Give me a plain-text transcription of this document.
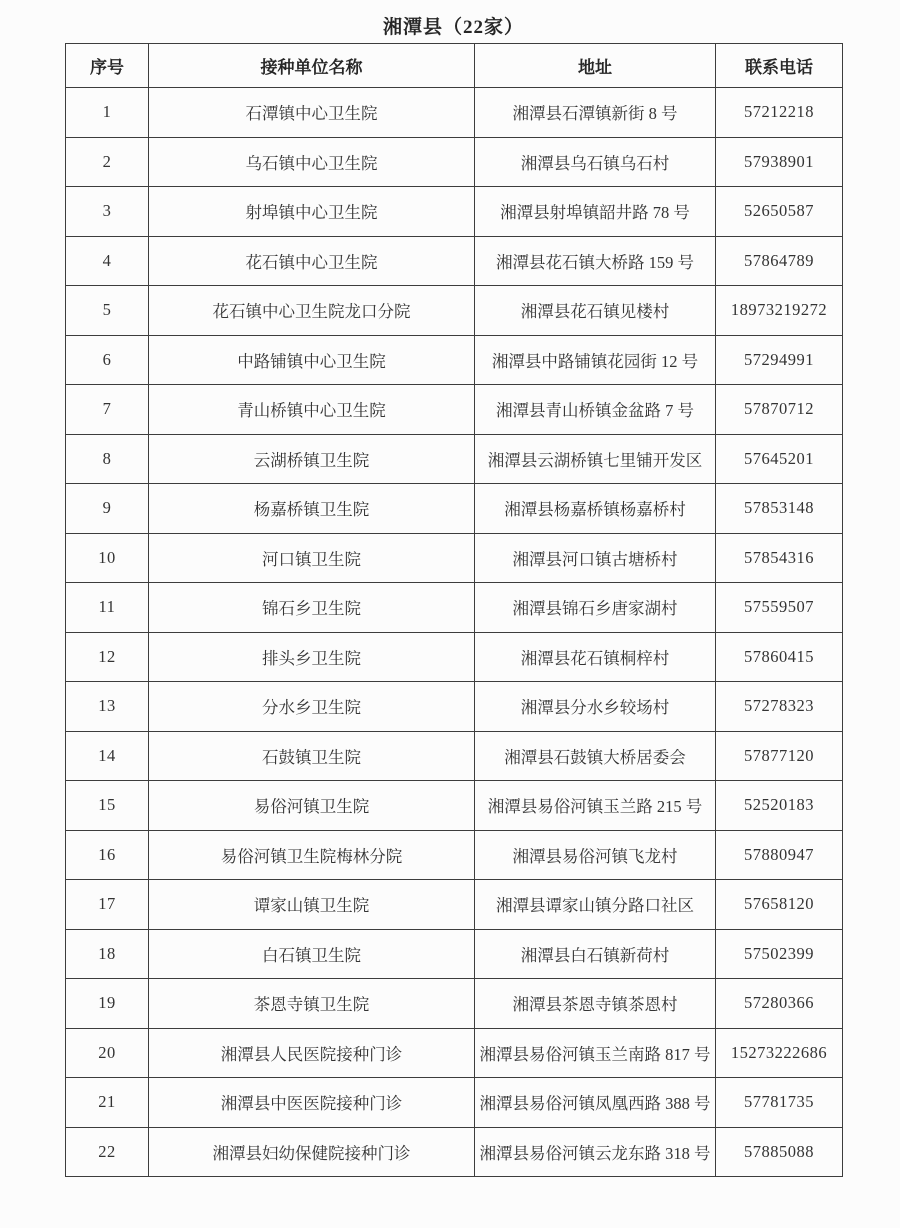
湘潭县（22家）
序号	接种单位名称	地址	联系电话
1	石潭镇中心卫生院	湘潭县石潭镇新街 8 号	57212218
2	乌石镇中心卫生院	湘潭县乌石镇乌石村	57938901
3	射埠镇中心卫生院	湘潭县射埠镇韶井路 78 号	52650587
4	花石镇中心卫生院	湘潭县花石镇大桥路 159 号	57864789
5	花石镇中心卫生院龙口分院	湘潭县花石镇见楼村	18973219272
6	中路铺镇中心卫生院	湘潭县中路铺镇花园街 12 号	57294991
7	青山桥镇中心卫生院	湘潭县青山桥镇金盆路 7 号	57870712
8	云湖桥镇卫生院	湘潭县云湖桥镇七里铺开发区	57645201
9	杨嘉桥镇卫生院	湘潭县杨嘉桥镇杨嘉桥村	57853148
10	河口镇卫生院	湘潭县河口镇古塘桥村	57854316
11	锦石乡卫生院	湘潭县锦石乡唐家湖村	57559507
12	排头乡卫生院	湘潭县花石镇桐梓村	57860415
13	分水乡卫生院	湘潭县分水乡较场村	57278323
14	石鼓镇卫生院	湘潭县石鼓镇大桥居委会	57877120
15	易俗河镇卫生院	湘潭县易俗河镇玉兰路 215 号	52520183
16	易俗河镇卫生院梅林分院	湘潭县易俗河镇飞龙村	57880947
17	谭家山镇卫生院	湘潭县谭家山镇分路口社区	57658120
18	白石镇卫生院	湘潭县白石镇新荷村	57502399
19	茶恩寺镇卫生院	湘潭县茶恩寺镇茶恩村	57280366
20	湘潭县人民医院接种门诊	湘潭县易俗河镇玉兰南路 817 号	15273222686
21	湘潭县中医医院接种门诊	湘潭县易俗河镇凤凰西路 388 号	57781735
22	湘潭县妇幼保健院接种门诊	湘潭县易俗河镇云龙东路 318 号	57885088
